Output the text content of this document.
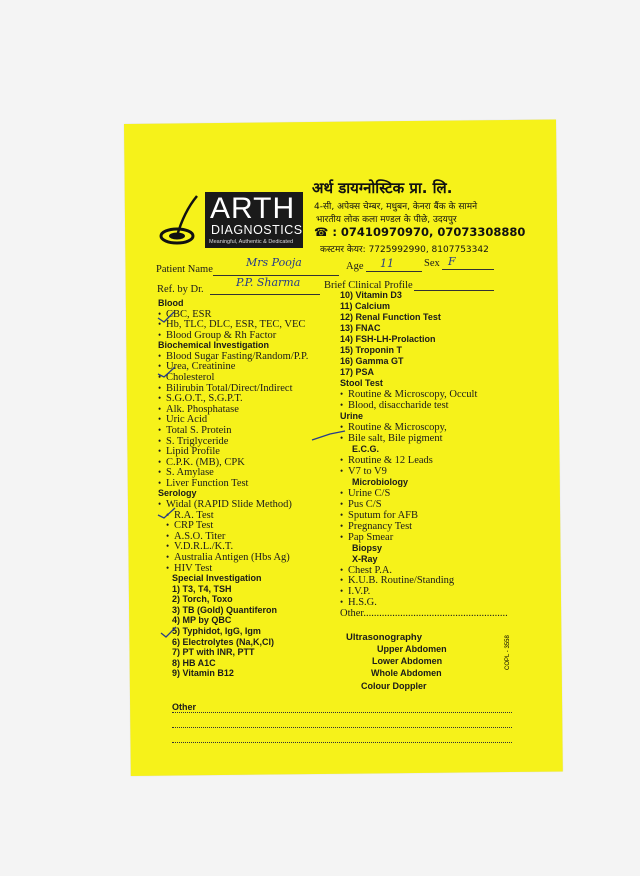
ARTH
DIAGNOSTICS
Meaningful, Authentic & Dedicated
अर्थ डायग्नोस्टिक प्रा. लि.
4-सी, अपेक्स चेम्बर, मधुबन, केनरा बैंक के सामने
भारतीय लोक कला मण्डल के पीछे, उदयपुर
☎ : 07410970970, 07073308880
कस्टमर केयर: 7725992990, 8107753342
Patient Name
Mrs Pooja	Age 11	Sex F
Ref. by Dr.
P.P. Sharma Brief Clinical Profile
Blood
• CBC, ESR
• Hb, TLC, DLC, ESR, TEC, VEC
• Blood Group & Rh Factor
Biochemical Investigation
• Blood Sugar Fasting/Random/P.P.
• Urea, Creatinine
• Cholesterol
• Bilirubin Total/Direct/Indirect
• S.G.O.T., S.G.P.T.
• Alk. Phosphatase
• Uric Acid
• Total S. Protein
• S. Triglyceride
• Lipid Profile
• C.P.K. (MB), CPK
• S. Amylase
• Liver Function Test
Serology
• Widal (RAPID Slide Method)
• R.A. Test
• CRP Test
• A.S.O. Titer
• V.D.R.L./K.T.
• Australia Antigen (Hbs Ag)
• HIV Test
Special Investigation
1) T3, T4, TSH
2) Torch, Toxo
3) TB (Gold) Quantiferon
4) MP by QBC
5) Typhidot, IgG, Igm
6) Electrolytes (Na,K,Cl)
7) PT with INR, PTT
8) HB A1C
9) Vitamin B12
10) Vitamin D3
11) Calcium
12) Renal Function Test
13) FNAC
14) FSH-LH-Prolaction
15) Troponin T
16) Gamma GT
17) PSA
Stool Test
• Routine & Microscopy, Occult
• Blood, disaccharide test
Urine
• Routine & Microscopy,
• Bile salt, Bile pigment
E.C.G.
• Routine & 12 Leads
• V7 to V9
Microbiology
• Urine C/S
• Pus C/S
• Sputum for AFB
• Pregnancy Test
• Pap Smear
Biopsy
X-Ray
• Chest P.A.
• K.U.B. Routine/Standing
• I.V.P.
• H.S.G.
Other.......................................................
Ultrasonography
Upper Abdomen
Lower Abdomen
Whole Abdomen
Colour Doppler
Other
COPL - 3558
